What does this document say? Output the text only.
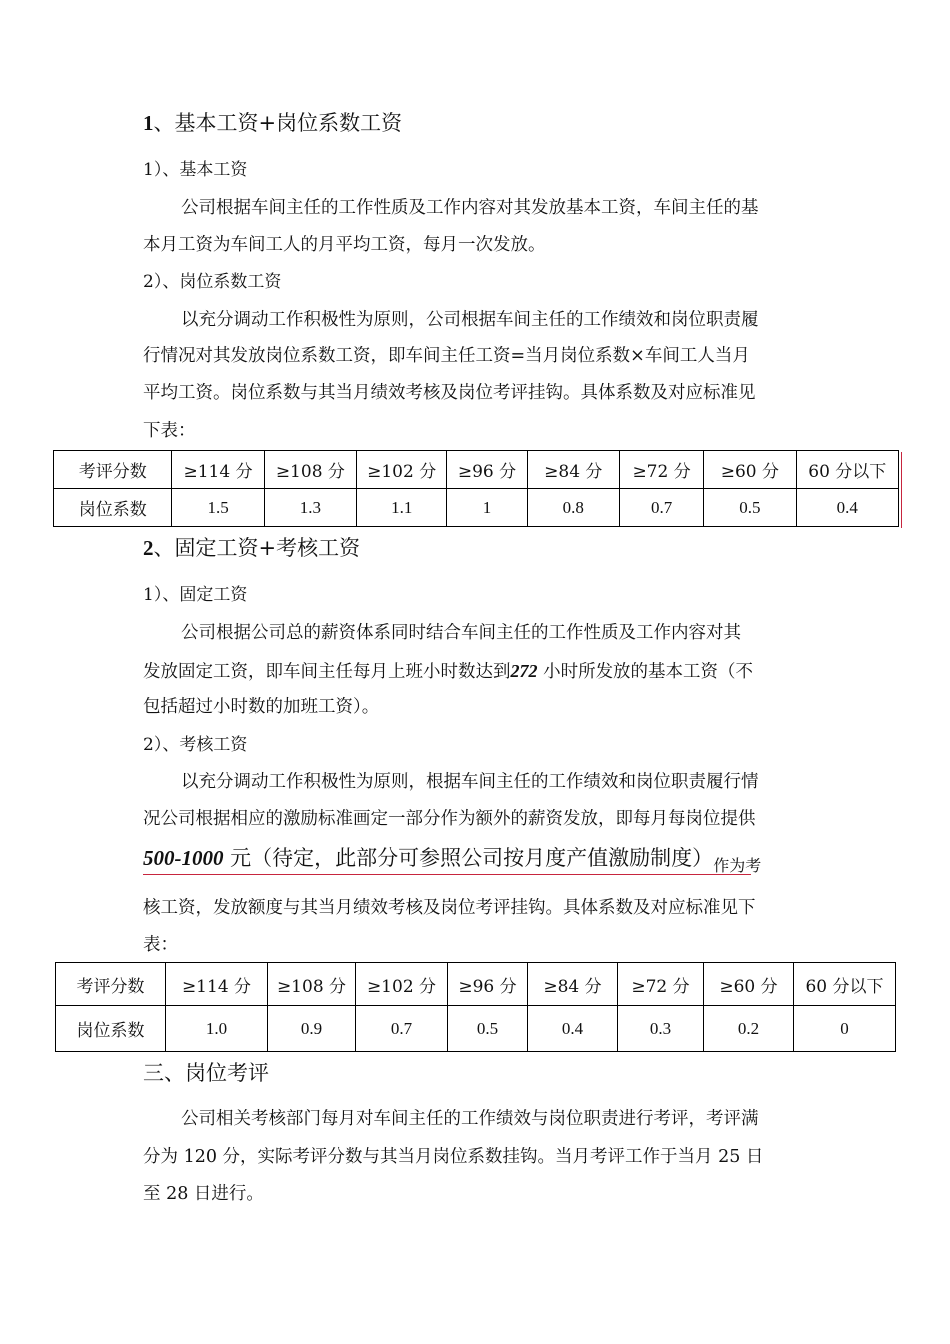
1、基本工资+岗位系数工资
1）、基本工资
公司根据车间主任的工作性质及工作内容对其发放基本工资，车间主任的基
本月工资为车间工人的月平均工资，每月一次发放。
2）、岗位系数工资
以充分调动工作积极性为原则，公司根据车间主任的工作绩效和岗位职责履
行情况对其发放岗位系数工资，即车间主任工资=当月岗位系数×车间工人当月
平均工资。岗位系数与其当月绩效考核及岗位考评挂钩。具体系数及对应标准见
下表：
考评分数	≥114 分	≥108 分	≥102 分	≥96 分	≥84 分	≥72 分	≥60 分	60 分以下
岗位系数	1.5	1.3	1.1	1	0.8	0.7	0.5	0.4
2、固定工资+考核工资
1）、固定工资
公司根据公司总的薪资体系同时结合车间主任的工作性质及工作内容对其
发放固定工资，即车间主任每月上班小时数达到272 小时所发放的基本工资（不
包括超过小时数的加班工资）。
2）、考核工资
以充分调动工作积极性为原则，根据车间主任的工作绩效和岗位职责履行情
况公司根据相应的激励标准画定一部分作为额外的薪资发放，即每月每岗位提供
500-1000 元（待定，此部分可参照公司按月度产值激励制度）作为考
核工资，发放额度与其当月绩效考核及岗位考评挂钩。具体系数及对应标准见下
表：
考评分数	≥114 分	≥108 分	≥102 分	≥96 分	≥84 分	≥72 分	≥60 分	60 分以下
岗位系数	1.0	0.9	0.7	0.5	0.4	0.3	0.2	0
三、岗位考评
公司相关考核部门每月对车间主任的工作绩效与岗位职责进行考评，考评满
分为 120 分，实际考评分数与其当月岗位系数挂钩。当月考评工作于当月 25 日
至 28 日进行。
